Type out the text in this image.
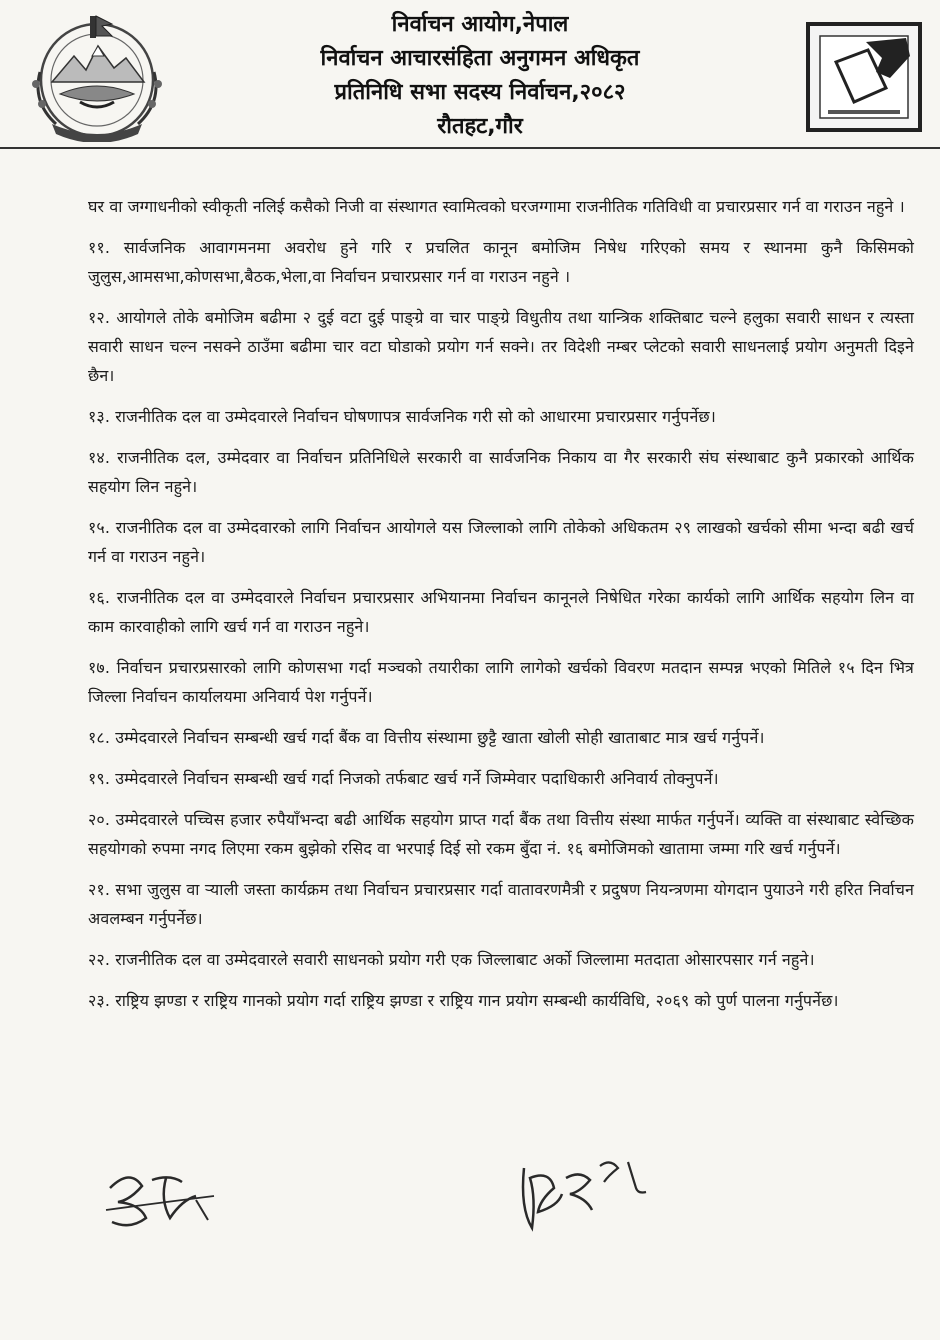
निर्वाचन आयोग,नेपाल
निर्वाचन आचारसंहिता अनुगमन अधिकृत
प्रतिनिधि सभा सदस्य निर्वाचन,२०८२
रौतहट,गौर

घर वा जग्गाधनीको स्वीकृती नलिई कसैको निजी वा संस्थागत स्वामित्वको घरजग्गामा राजनीतिक गतिविधी वा प्रचारप्रसार गर्न वा गराउन नहुने ।

११. सार्वजनिक आवागमनमा अवरोध हुने गरि र प्रचलित कानून बमोजिम निषेध गरिएको समय र स्थानमा कुनै किसिमको जुलुस,आमसभा,कोणसभा,बैठक,भेला,वा निर्वाचन प्रचारप्रसार गर्न वा गराउन नहुने ।

१२. आयोगले तोके बमोजिम बढीमा २ दुई वटा दुई पाङ्ग्रे वा चार पाङ्ग्रे विधुतीय तथा यान्त्रिक शक्तिबाट चल्ने हलुका सवारी साधन र त्यस्ता सवारी साधन चल्न नसक्ने ठाउँमा बढीमा चार वटा घोडाको प्रयोग गर्न सक्ने। तर विदेशी नम्बर प्लेटको सवारी साधनलाई प्रयोग अनुमती दिइने छैन।

१३. राजनीतिक दल वा उम्मेदवारले निर्वाचन घोषणापत्र सार्वजनिक गरी सो को आधारमा प्रचारप्रसार गर्नुपर्नेछ।

१४. राजनीतिक दल, उम्मेदवार वा निर्वाचन प्रतिनिधिले सरकारी वा सार्वजनिक निकाय वा गैर सरकारी संघ संस्थाबाट कुनै प्रकारको आर्थिक सहयोग लिन नहुने।

१५. राजनीतिक दल वा उम्मेदवारको लागि निर्वाचन आयोगले यस जिल्लाको लागि तोकेको अधिकतम २९ लाखको खर्चको सीमा भन्दा बढी खर्च गर्न वा गराउन नहुने।

१६. राजनीतिक दल वा उम्मेदवारले निर्वाचन प्रचारप्रसार अभियानमा निर्वाचन कानूनले निषेधित गरेका कार्यको लागि आर्थिक सहयोग लिन वा काम कारवाहीको लागि खर्च गर्न वा गराउन नहुने।

१७. निर्वाचन प्रचारप्रसारको लागि कोणसभा गर्दा मञ्चको तयारीका लागि लागेको खर्चको विवरण मतदान सम्पन्न भएको मितिले १५ दिन भित्र जिल्ला निर्वाचन कार्यालयमा अनिवार्य पेश गर्नुपर्ने।

१८. उम्मेदवारले निर्वाचन सम्बन्धी खर्च गर्दा बैंक वा वित्तीय संस्थामा छुट्टै खाता खोली सोही खाताबाट मात्र खर्च गर्नुपर्ने।

१९. उम्मेदवारले निर्वाचन सम्बन्धी खर्च गर्दा निजको तर्फबाट खर्च गर्ने जिम्मेवार पदाधिकारी अनिवार्य तोक्नुपर्ने।

२०. उम्मेदवारले पच्चिस हजार रुपैयाँभन्दा बढी आर्थिक सहयोग प्राप्त गर्दा बैंक तथा वित्तीय संस्था मार्फत गर्नुपर्ने। व्यक्ति वा संस्थाबाट स्वेच्छिक सहयोगको रुपमा नगद लिएमा रकम बुझेको रसिद वा भरपाई दिई सो रकम बुँदा नं. १६ बमोजिमको खातामा जम्मा गरि खर्च गर्नुपर्ने।

२१. सभा जुलुस वा र्‍याली जस्ता कार्यक्रम तथा निर्वाचन प्रचारप्रसार गर्दा वातावरणमैत्री र प्रदुषण नियन्त्रणमा योगदान पुयाउने गरी हरित निर्वाचन अवलम्बन गर्नुपर्नेछ।

२२. राजनीतिक दल वा उम्मेदवारले सवारी साधनको प्रयोग गरी एक जिल्लाबाट अर्को जिल्लामा मतदाता ओसारपसार गर्न नहुने।

२३. राष्ट्रिय झण्डा र राष्ट्रिय गानको प्रयोग गर्दा राष्ट्रिय झण्डा र राष्ट्रिय गान प्रयोग सम्बन्धी कार्यविधि, २०६९ को पुर्ण पालना गर्नुपर्नेछ।
